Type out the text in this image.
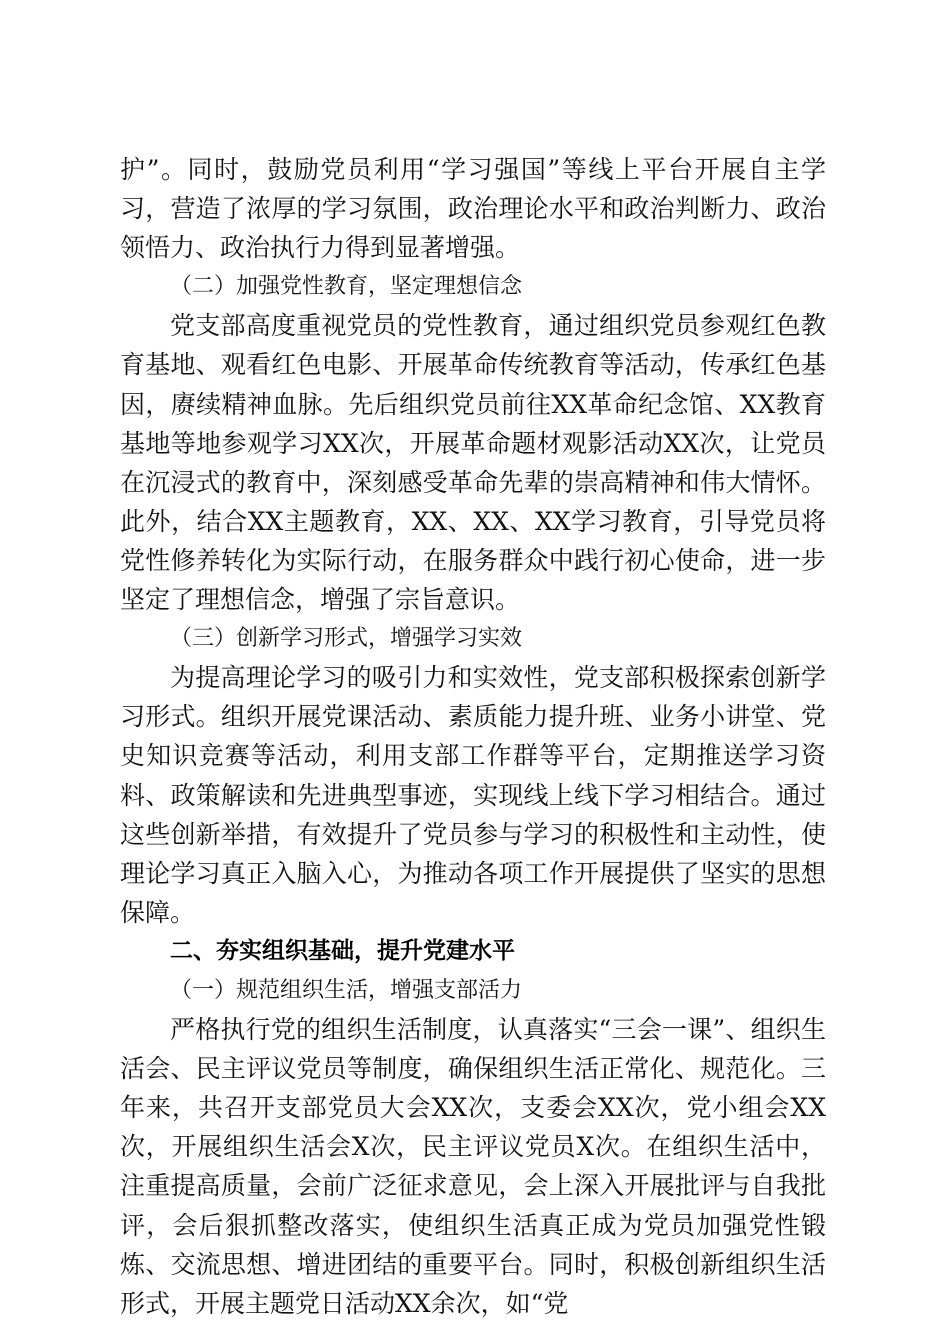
护”。同时，鼓励党员利用“学习强国”等线上平台开展自主学习，营造了浓厚的学习氛围，政治理论水平和政治判断力、政治领悟力、政治执行力得到显著增强。

（二）加强党性教育，坚定理想信念

党支部高度重视党员的党性教育，通过组织党员参观红色教育基地、观看红色电影、开展革命传统教育等活动，传承红色基因，赓续精神血脉。先后组织党员前往XX革命纪念馆、XX教育基地等地参观学习XX次，开展革命题材观影活动XX次，让党员在沉浸式的教育中，深刻感受革命先辈的崇高精神和伟大情怀。此外，结合XX主题教育，XX、XX、XX学习教育，引导党员将党性修养转化为实际行动，在服务群众中践行初心使命，进一步坚定了理想信念，增强了宗旨意识。

（三）创新学习形式，增强学习实效

为提高理论学习的吸引力和实效性，党支部积极探索创新学习形式。组织开展党课活动、素质能力提升班、业务小讲堂、党史知识竞赛等活动，利用支部工作群等平台，定期推送学习资料、政策解读和先进典型事迹，实现线上线下学习相结合。通过这些创新举措，有效提升了党员参与学习的积极性和主动性，使理论学习真正入脑入心，为推动各项工作开展提供了坚实的思想保障。

二、夯实组织基础，提升党建水平

（一）规范组织生活，增强支部活力

严格执行党的组织生活制度，认真落实“三会一课”、组织生活会、民主评议党员等制度，确保组织生活正常化、规范化。三年来，共召开支部党员大会XX次，支委会XX次，党小组会XX次，开展组织生活会X次，民主评议党员X次。在组织生活中，注重提高质量，会前广泛征求意见，会上深入开展批评与自我批评，会后狠抓整改落实，使组织生活真正成为党员加强党性锻炼、交流思想、增进团结的重要平台。同时，积极创新组织生活形式，开展主题党日活动XX余次，如“党
